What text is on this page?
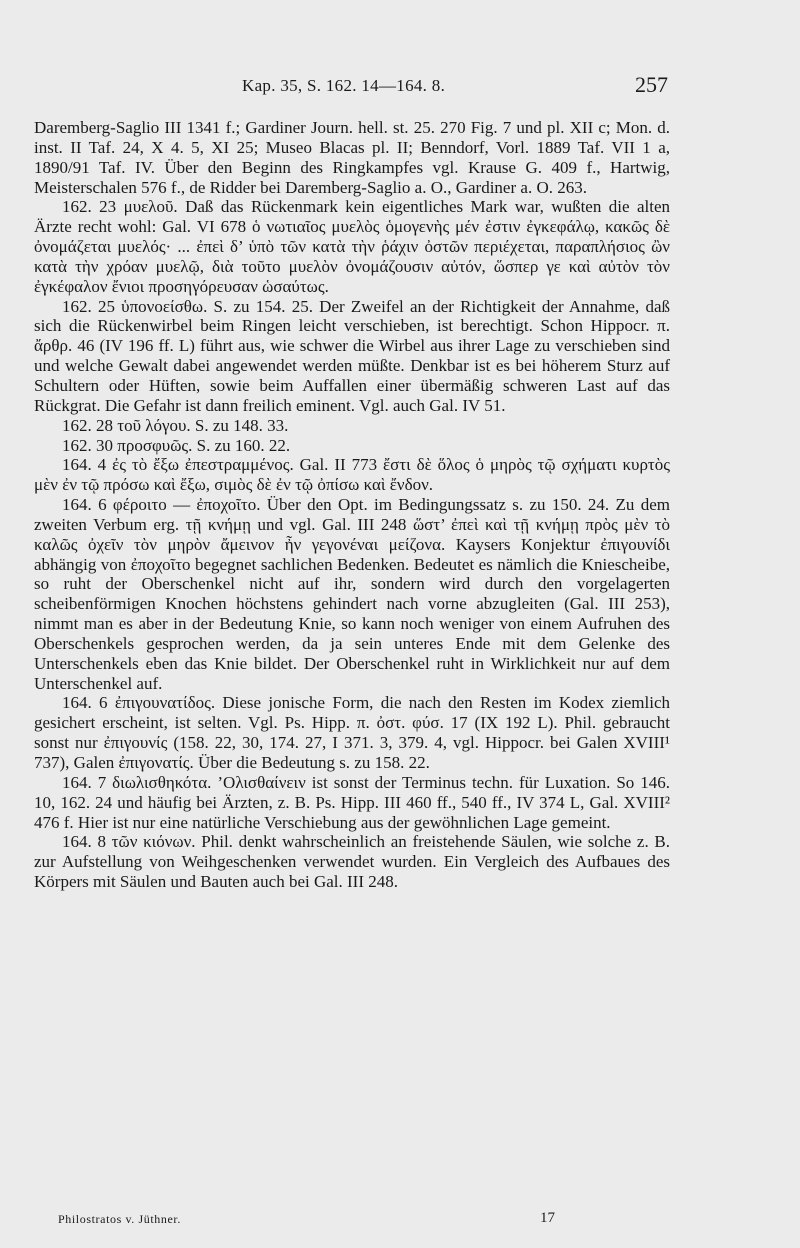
Kap. 35, S. 162. 14—164. 8.	257

Daremberg-Saglio III 1341 f.; Gardiner Journ. hell. st. 25. 270 Fig. 7 und pl. XII c; Mon. d. inst. II Taf. 24, X 4. 5, XI 25; Museo Blacas pl. II; Benndorf, Vorl. 1889 Taf. VII 1 a, 1890/91 Taf. IV. Über den Beginn des Ringkampfes vgl. Krause G. 409 f., Hartwig, Meisterschalen 576 f., de Ridder bei Daremberg-Saglio a. O., Gardiner a. O. 263.

162. 23 μυελοῦ. Daß das Rückenmark kein eigentliches Mark war, wußten die alten Ärzte recht wohl: Gal. VI 678 ὁ νωτιαῖος μυελὸς ὁμογενὴς μέν ἐστιν ἐγκεφάλῳ, κακῶς δὲ ὀνομάζεται μυελός· ... ἐπεὶ δ’ ὑπὸ τῶν κατὰ τὴν ῥάχιν ὀστῶν περιέχεται, παραπλήσιος ὢν κατὰ τὴν χρόαν μυελῷ, διὰ τοῦτο μυελὸν ὀνομάζουσιν αὐτόν, ὥσπερ γε καὶ αὐτὸν τὸν ἐγκέφαλον ἔνιοι προσηγόρευσαν ὡσαύτως.

162. 25 ὑπονοείσθω. S. zu 154. 25. Der Zweifel an der Richtigkeit der Annahme, daß sich die Rückenwirbel beim Ringen leicht verschieben, ist berechtigt. Schon Hippocr. π. ἄρθρ. 46 (IV 196 ff. L) führt aus, wie schwer die Wirbel aus ihrer Lage zu verschieben sind und welche Gewalt dabei angewendet werden müßte. Denkbar ist es bei höherem Sturz auf Schultern oder Hüften, sowie beim Auffallen einer übermäßig schweren Last auf das Rückgrat. Die Gefahr ist dann freilich eminent. Vgl. auch Gal. IV 51.

162. 28 τοῦ λόγου. S. zu 148. 33.

162. 30 προσφυῶς. S. zu 160. 22.

164. 4 ἐς τὸ ἔξω ἐπεστραμμένος. Gal. II 773 ἔστι δὲ ὅλος ὁ μηρὸς τῷ σχήματι κυρτὸς μὲν ἐν τῷ πρόσω καὶ ἔξω, σιμὸς δὲ ἐν τῷ ὀπίσω καὶ ἔνδον.

164. 6 φέροιτο — ἐποχοῖτο. Über den Opt. im Bedingungssatz s. zu 150. 24. Zu dem zweiten Verbum erg. τῇ κνήμῃ und vgl. Gal. III 248 ὥστ’ ἐπεὶ καὶ τῇ κνήμῃ πρὸς μὲν τὸ καλῶς ὀχεῖν τὸν μηρὸν ἄμεινον ἦν γεγονέναι μείζονα. Kaysers Konjektur ἐπιγουνίδι abhängig von ἐποχοῖτο begegnet sachlichen Bedenken. Bedeutet es nämlich die Kniescheibe, so ruht der Oberschenkel nicht auf ihr, sondern wird durch den vorgelagerten scheibenförmigen Knochen höchstens gehindert nach vorne abzugleiten (Gal. III 253), nimmt man es aber in der Bedeutung Knie, so kann noch weniger von einem Aufruhen des Oberschenkels gesprochen werden, da ja sein unteres Ende mit dem Gelenke des Unterschenkels eben das Knie bildet. Der Oberschenkel ruht in Wirklichkeit nur auf dem Unterschenkel auf.

164. 6 ἐπιγουνατίδος. Diese jonische Form, die nach den Resten im Kodex ziemlich gesichert erscheint, ist selten. Vgl. Ps. Hipp. π. ὀστ. φύσ. 17 (IX 192 L). Phil. gebraucht sonst nur ἐπιγουνίς (158. 22, 30, 174. 27, I 371. 3, 379. 4, vgl. Hippocr. bei Galen XVIII¹ 737), Galen ἐπιγονατίς. Über die Bedeutung s. zu 158. 22.

164. 7 διωλισθηκότα. ’Ολισθαίνειν ist sonst der Terminus techn. für Luxation. So 146. 10, 162. 24 und häufig bei Ärzten, z. B. Ps. Hipp. III 460 ff., 540 ff., IV 374 L, Gal. XVIII² 476 f. Hier ist nur eine natürliche Verschiebung aus der gewöhnlichen Lage gemeint.

164. 8 τῶν κιόνων. Phil. denkt wahrscheinlich an freistehende Säulen, wie solche z. B. zur Aufstellung von Weihgeschenken verwendet wurden. Ein Vergleich des Aufbaues des Körpers mit Säulen und Bauten auch bei Gal. III 248.

Philostratos v. Jüthner.	17
